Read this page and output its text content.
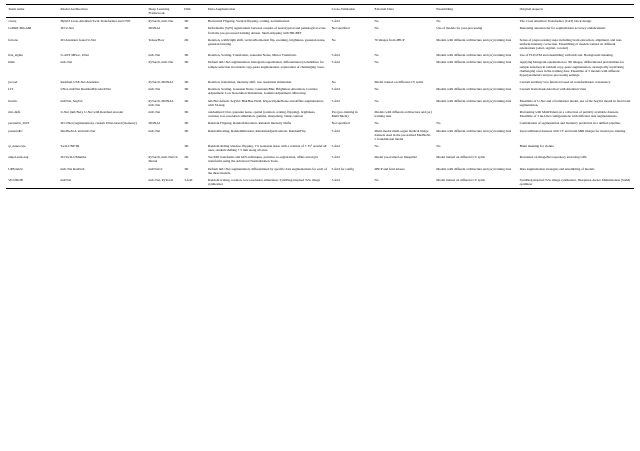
Team name	Model Architecture	Deep Learning Framework	Dim	Data Augmentation	Cross-Validation	External Data	Ensembling	Original Aspects
cwerq	Hybrid Cross Attention Swin Transformer and CNN	PyTorch, nnU-Net	3D	Horizontal Flipping, Vertical flipping, scaling, normalization	5-fold	No	No	The Cross Attention Transformer (CAT) block design.
CeDRE-DiGAIR	3D U-Net	MONAI	3D	Deformable (SyN) registrations between couples of neurotypical and pathological scans from the pre-processed training dataset. Skull-stripping with HD-BET	Not specified	No	Use of models for post-processing	Denoising autoencoder for segmentation accuracy enhancement.
falcons	2D Attention Gated U-Net	TensorFlow	2D	Rotation, width/right shift, vertical/horizontal flip, zooming, brightness, gaussian noise, gaussian blurring	No	70 images from dHCP	Models with different architecture and (or) training data	Series of preprocessing steps including brain extraction, alignment, and non-uniform intensity correction. Ensembling of models trained on different orientations (axial, sagittal, coronal)
feta_sigma	U-aIST MISsc, UNet	nnU-Net	3D	Rotation, Scaling, Translation, Gaussian Noise, Mirror Transform.	5-fold	No	Models with different architecture and (or) training data	Use of FLExTM and ensembling with nnU-net. Background masking.
hilab	nnU-Net	PyTorch, nnU-Net	3D	Default nnU-Net augmentation, histogram equalization, differentiated probabilities for sample selection in random copy-paste augmentation, exploration of challenging cases.	5-fold	No	Models with different architecture and (or) training data	Applying histogram equalization to 3D images, differentiated probabilities for sample selection in random copy-paste augmentation, strategically replicating challenging cases in the training data. Ensemble of 5 models with different hyperparameters and pre-processing settings.
jwcrad	Residual-USE-Net Attention	PyTorch, MONAI	3D	Rotation, translation, intensity shift, low resolution simulation.	No	Model trained on different CV splits		Custom auxiliary loss function based on transformation consistency.
LIT	UNet, nnUNet ResidualEncoderUNet	nnU-Net	3D	Rotation, Scaling, Gaussian Noise, Gaussian Blur, Brightness Alteration, Contrast Adjustment, Low Resolution Simulation, Gamma Adjustment, Mirroring.	5-fold	No	Models with different architecture and (or) training data	Custom brain mask detection with Attention Unet
lnrcmc	nnUNet, SegVol	PyTorch, MONAI, nnU-Net	3D	nnUNet default, SegVol: BlurHue-Field, KSpaceSpikeNoise and Affine augmentation; with SLAug.	5-fold	No	Models with different architecture and (or) training data	Ensemble of U-Net and a foundation model, use of the SegVol model in fetal brain segmentation.
mic-dkfz	U-Net (nnUNet), U-Net with Residual encoder	nnU-Net	3D	randomized; blur, gaussian noise, spatial (rotation, scaling, flipping), brightness, contrast, low-resolution simulation, gamma, sharpening, blank contrast	Yes (pre-training in MultiTalent)	Models with different architecture and (or) training data		Pretraining with MultiTalent on a collection of publicly available datasets. Ensemble of 3 nn-Unet configurations with different data augmentations.
paranabir_2023	3D UNet (segmentation), custom UNet-based (biometry)	MONAI	3D	Random Flipping, Random Rotation, Random Intensity Shifts	Not specified	No	No	Combination of segmentation and biometry prediction in a unified pipeline.
pasteurdbc	MedNeXt-L and nnU-Net	nnU-Net	3D	RandomScaling, RandomRotation, RandomAdjustContrast, RandomFlip	5-fold	Multi-modal multi-organ medical image datasets used in the pre-trained MedNeXt-L foundational model	Models with different architecture and (or) training data	Used additional datasets with CT and brain MRI images for model pre-training
qt_neurocyte	Swin UNETR		3D	Random sliding window, flipping, 1% Gaussian noise with a rotation of ± 35° around all axes, random shifting ± 5 mm along all axes.	5-fold	No	No	Brain masking for vienna
unipd-sum-aug	2D Swin-UMamba	PyTorch, nnU-Net/v2, Monai	2D	TorchIO transforms and GIN techniques, pairwise co-registration, affine and rigid transforms using the Advanced Normalization Tools.	5-fold	Model pre-trained on ImageNet	Model trained on different CV splits	Pretrained on ImageNet repository and using GIN.
UPFetal24	nnU-Net ResEncL	nnUNetv2	3D	Default nnU-Net augmentation; differentiated by specific data augmentations for each of the three models.	5-fold for config	dHCP and fetal atlases	Models with different architecture and (or) training data	Data augmentation strategies and ensembling of models
ViCOROB	nnUNet	nnU-Net, PyTorch	3-fold	Random scaling, rotation, low-resolution simulation, SynthSeg-inspired T2w image synthesizer	3-fold	No	Model trained on different CV splits	SynthSeg-inspired T2w image synthesizer, Sharpness-Aware Minimization (SAM) optimizer
